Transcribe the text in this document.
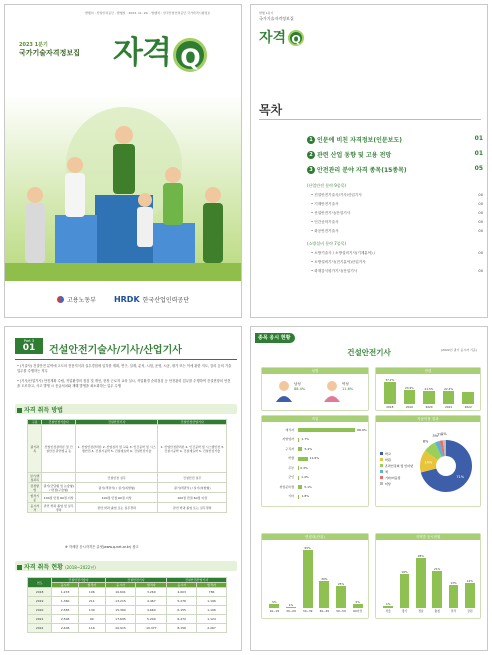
발행처 : 산업인력공단 · 발행일 : 2023. 11. 20. · 발행처 : 한국산업인력공단 국가자격시험정보
2023 1분기
국가기술자격정보집 자격 Q
고용노동부 HRDK 한국산업인력공단
발행 1분기
국가기술자격정보집
자격 Q
목차
1 인문에 비친 자격정보(인문보도)	01
2 관련 산업 동향 및 고용 전망	01
3 안전관리 분야 자격 종목(15종목)	05
(산업안전 분야 9종목)
• 건설안전기술사/기사/산업기사	00
• 기계안전기술사	00
• 산업안전기사/산업기사	00
• 인간공학기술사	00
• 화공안전기술사	00
(소방설비 분야 7종목)
• 소방기술사 / 소방설비기사(기계분야) /	00
• 소방설비기사(전기분야)산업기사
• 화재감식평가기사/산업기사	00
Part 3
01	건설안전기술사/기사/산업기사
• (기술사) 건설안전 분야에 고도의 전문지식과 실무경험에 입각한 계획, 연구, 설계, 분석, 시험, 운영, 시공, 평가 또는 이에 관한 지도, 감리 등의 기술 업무를 수행하는 직무
• (기사/산업기사) 안전계획 수립, 작업환경의 점검 및 개선, 현장 근로자 교육 실시, 작업환경 순회점검 등 안전관리 업무를 수행하여 건설현장의 안전을 도모하고, 사고 발생 시 응급처치와 재해 발생을 최소화하는 업무 수행
자격 취득 방법
구분	건설안전기술사	건설안전기사	건설안전산업기사
필기과목	산업안전관리론 및 건설안전 관련법규 등	1. 산업안전관리론 2. 산업심리 및 교육 3. 인간공학 및 시스템안전 4. 건설시공학 5. 건설재료학 6. 건설안전기술	1. 산업안전관리론 2. 인간공학 및 시스템안전 3. 건설시공학 4. 건설재료학 5. 건설안전기술
실기/면접과목		건설안전 실무	건설안전 실무
검정방법	필기(단답형 및 논술형) / 면접(구술형)	필기(객관식) / 실기(복합형)	필기(객관식) / 실기(복합형)
합격기준	100점 만점 60점 이상	100점 만점 60점 이상	100점 만점 60점 이상
응시자격	관련 학과 졸업 및 실무경력	관련 학과 졸업 또는 실무경력	관련 학과 졸업 또는 실무경력
※ 자세한 응시자격은 큐넷(www.q-net.or.kr) 참고
자격 취득 현황 (2018~2022년)
연도	건설안전기술사		건설안전기사		건설안전산업기사	
	응시자	합격자	응시자	합격자	응시자	합격자
2018	1,233	106	10,601	3,260	4,003	786
2019	1,360	211	13,215	4,467	5,276	1,196
2020	2,565	139	15,360	4,660	6,155	1,106
2021	2,506	99	17,695	5,209	6,472	1,124
2022	2,406	116	20,915	10,377	8,156	2,267
종목 응시 현황
건설안전기사	(2022년 필기 응시자 기준)
성별
남성
88.4%
여성
11.6%
연령
37.2%
2018
23.9%
2019
21.5%
2020
22.4%
2021	2022
직업
재직자	68.9%
자영업자 1.7%
구직자	5.4%
학생	11.6%
주부 0.3%
군인 1.4%
취업준비생	5.1%
기타 1.8%
자동이용 결과
71%
14%
8%
3% 2%
2%
학교
학원
온라인강의 및 인터넷
책
기타/미응답
미상
연령대(단위)
5%
10~19
1%
20~29
65%
30~39
30%
40~49
25%
50~59
5%
60이상
지역별 응시현황
1%
서울
19%
경기
28%
경남
21%
충청
13%
전라
14%
강원
